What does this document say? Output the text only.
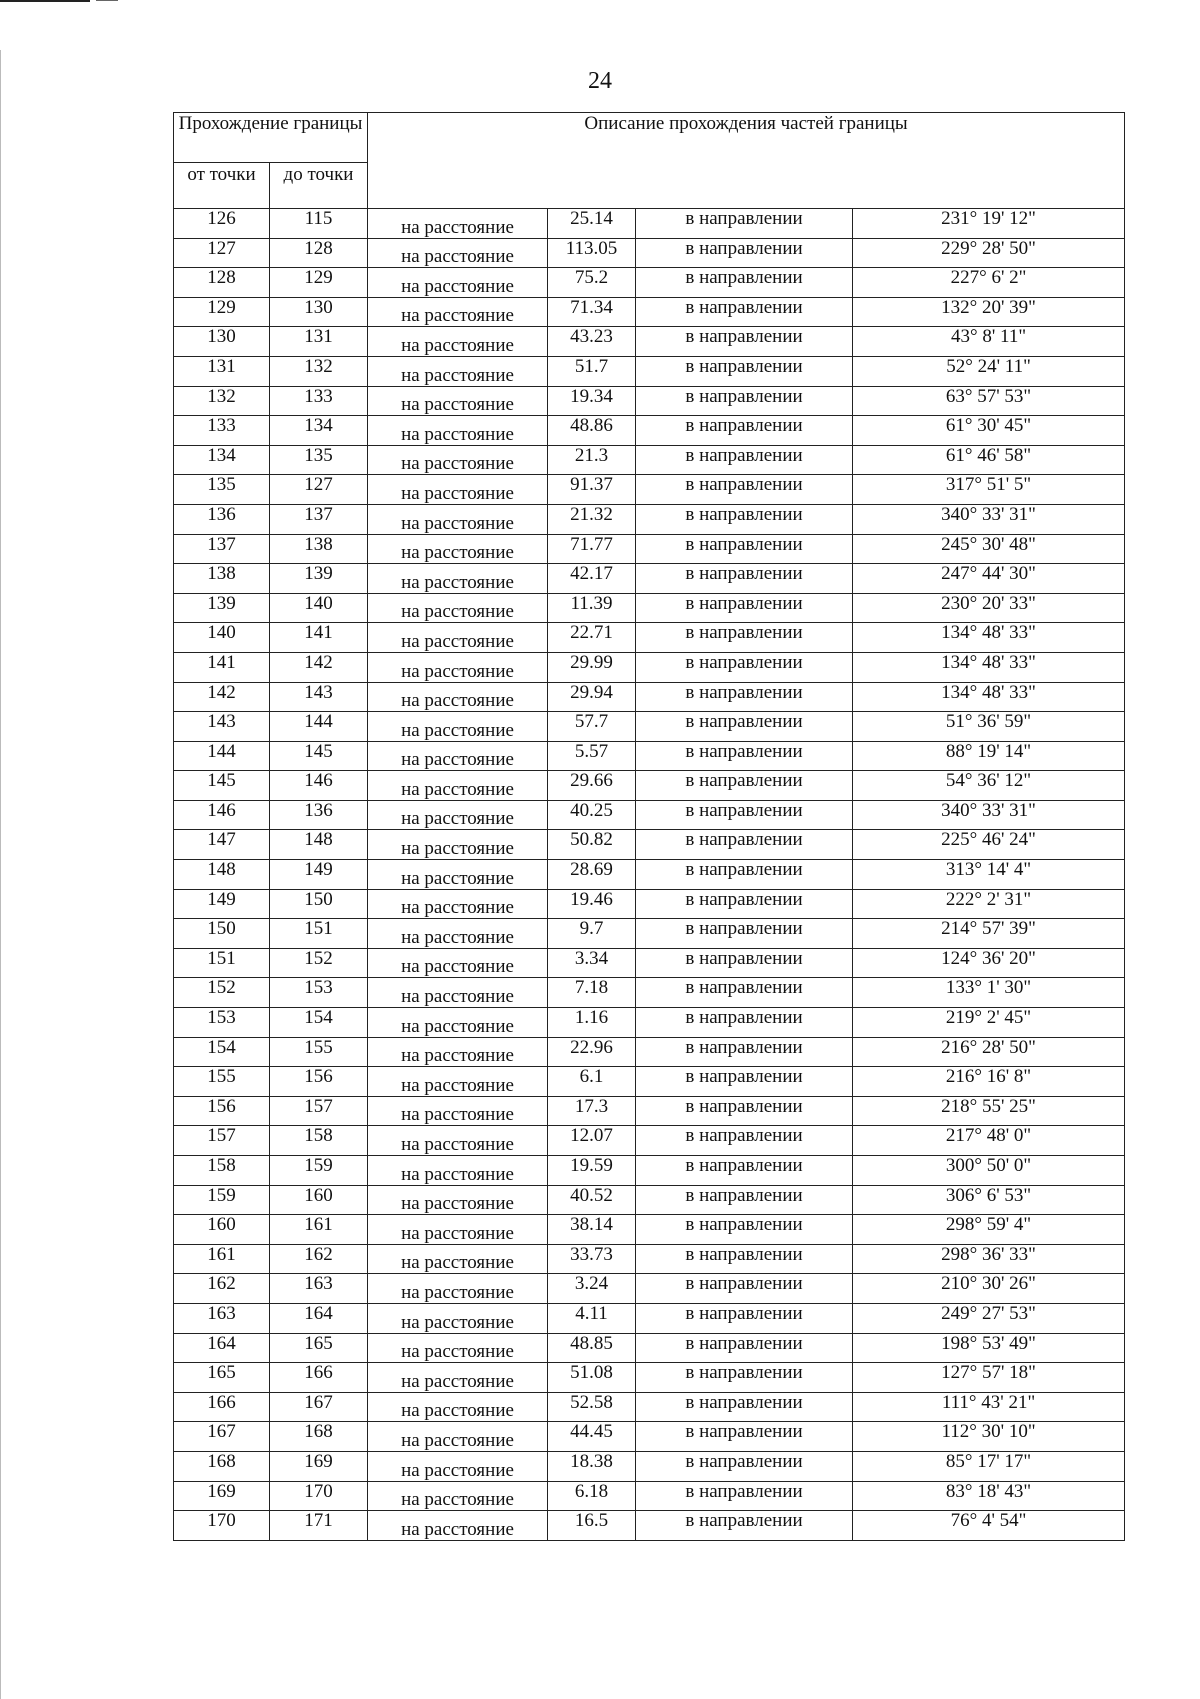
24
Прохождение границы		Описание прохождения частей границы			
от точки	до точки				
126	115	на расстояние	25.14	в направлении	231° 19' 12"
127	128	на расстояние	113.05	в направлении	229° 28' 50"
128	129	на расстояние	75.2	в направлении	227° 6' 2"
129	130	на расстояние	71.34	в направлении	132° 20' 39"
130	131	на расстояние	43.23	в направлении	43° 8' 11"
131	132	на расстояние	51.7	в направлении	52° 24' 11"
132	133	на расстояние	19.34	в направлении	63° 57' 53"
133	134	на расстояние	48.86	в направлении	61° 30' 45"
134	135	на расстояние	21.3	в направлении	61° 46' 58"
135	127	на расстояние	91.37	в направлении	317° 51' 5"
136	137	на расстояние	21.32	в направлении	340° 33' 31"
137	138	на расстояние	71.77	в направлении	245° 30' 48"
138	139	на расстояние	42.17	в направлении	247° 44' 30"
139	140	на расстояние	11.39	в направлении	230° 20' 33"
140	141	на расстояние	22.71	в направлении	134° 48' 33"
141	142	на расстояние	29.99	в направлении	134° 48' 33"
142	143	на расстояние	29.94	в направлении	134° 48' 33"
143	144	на расстояние	57.7	в направлении	51° 36' 59"
144	145	на расстояние	5.57	в направлении	88° 19' 14"
145	146	на расстояние	29.66	в направлении	54° 36' 12"
146	136	на расстояние	40.25	в направлении	340° 33' 31"
147	148	на расстояние	50.82	в направлении	225° 46' 24"
148	149	на расстояние	28.69	в направлении	313° 14' 4"
149	150	на расстояние	19.46	в направлении	222° 2' 31"
150	151	на расстояние	9.7	в направлении	214° 57' 39"
151	152	на расстояние	3.34	в направлении	124° 36' 20"
152	153	на расстояние	7.18	в направлении	133° 1' 30"
153	154	на расстояние	1.16	в направлении	219° 2' 45"
154	155	на расстояние	22.96	в направлении	216° 28' 50"
155	156	на расстояние	6.1	в направлении	216° 16' 8"
156	157	на расстояние	17.3	в направлении	218° 55' 25"
157	158	на расстояние	12.07	в направлении	217° 48' 0"
158	159	на расстояние	19.59	в направлении	300° 50' 0"
159	160	на расстояние	40.52	в направлении	306° 6' 53"
160	161	на расстояние	38.14	в направлении	298° 59' 4"
161	162	на расстояние	33.73	в направлении	298° 36' 33"
162	163	на расстояние	3.24	в направлении	210° 30' 26"
163	164	на расстояние	4.11	в направлении	249° 27' 53"
164	165	на расстояние	48.85	в направлении	198° 53' 49"
165	166	на расстояние	51.08	в направлении	127° 57' 18"
166	167	на расстояние	52.58	в направлении	111° 43' 21"
167	168	на расстояние	44.45	в направлении	112° 30' 10"
168	169	на расстояние	18.38	в направлении	85° 17' 17"
169	170	на расстояние	6.18	в направлении	83° 18' 43"
170	171	на расстояние	16.5	в направлении	76° 4' 54"
